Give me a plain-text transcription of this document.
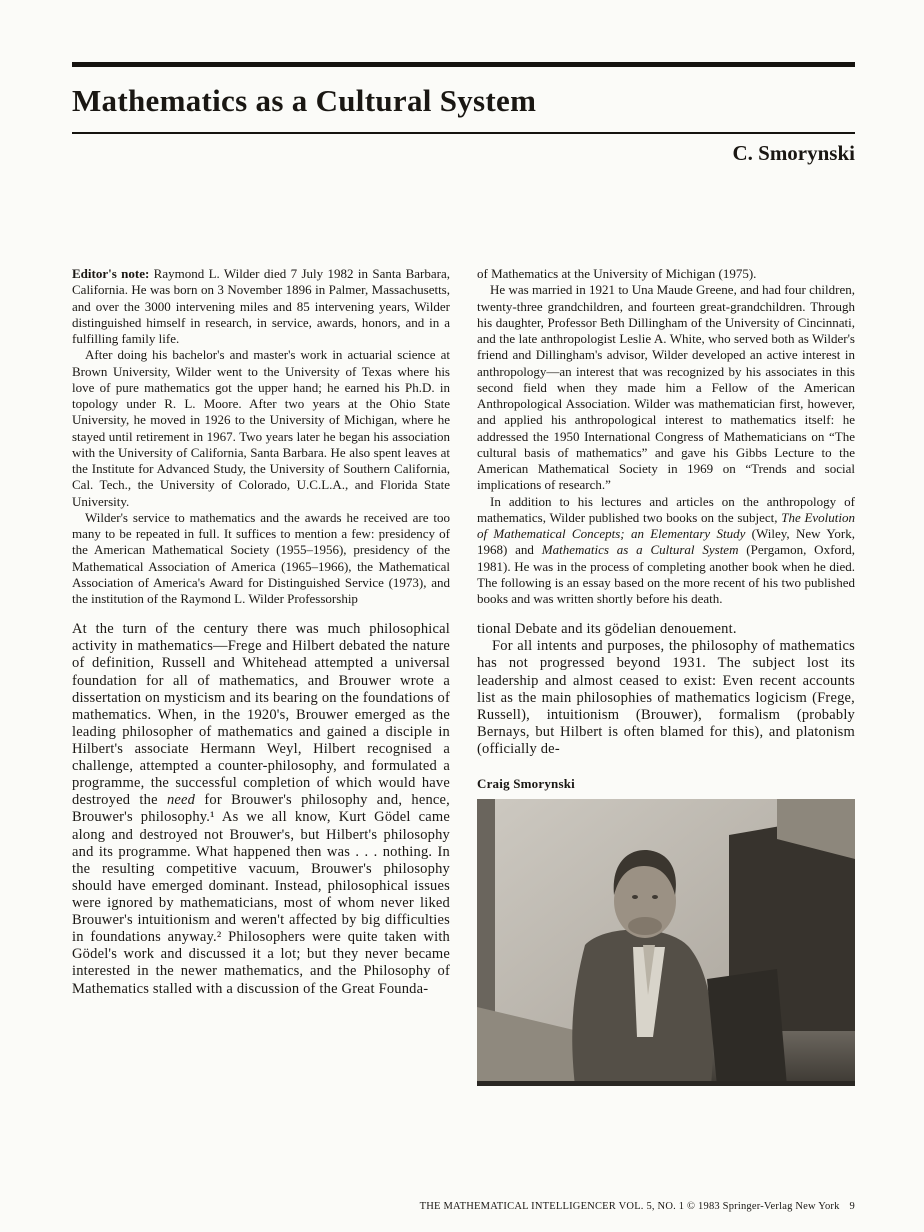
Mathematics as a Cultural System
C. Smorynski

Editor's note: Raymond L. Wilder died 7 July 1982 in Santa Barbara, California. He was born on 3 November 1896 in Palmer, Massachusetts, and over the 3000 intervening miles and 85 intervening years, Wilder distinguished himself in research, in service, awards, honors, and in a fulfilling family life.

After doing his bachelor's and master's work in actuarial science at Brown University, Wilder went to the University of Texas where his love of pure mathematics got the upper hand; he earned his Ph.D. in topology under R. L. Moore. After two years at the Ohio State University, he moved in 1926 to the University of Michigan, where he stayed until retirement in 1967. Two years later he began his association with the University of California, Santa Barbara. He also spent leaves at the Institute for Advanced Study, the University of Southern California, Cal. Tech., the University of Colorado, U.C.L.A., and Florida State University.

Wilder's service to mathematics and the awards he received are too many to be repeated in full. It suffices to mention a few: presidency of the American Mathematical Society (1955–1956), presidency of the Mathematical Association of America (1965–1966), the Mathematical Association of America's Award for Distinguished Service (1973), and the institution of the Raymond L. Wilder Professorship

of Mathematics at the University of Michigan (1975).

He was married in 1921 to Una Maude Greene, and had four children, twenty-three grandchildren, and fourteen great-grandchildren. Through his daughter, Professor Beth Dillingham of the University of Cincinnati, and the late anthropologist Leslie A. White, who served both as Wilder's friend and Dillingham's advisor, Wilder developed an active interest in anthropology—an interest that was recognized by his associates in this second field when they made him a Fellow of the American Anthropological Association. Wilder was mathematician first, however, and applied his anthropological interest to mathematics itself: he addressed the 1950 International Congress of Mathematicians on “The cultural basis of mathematics” and gave his Gibbs Lecture to the American Mathematical Society in 1969 on “Trends and social implications of research.”

In addition to his lectures and articles on the anthropology of mathematics, Wilder published two books on the subject, The Evolution of Mathematical Concepts; an Elementary Study (Wiley, New York, 1968) and Mathematics as a Cultural System (Pergamon, Oxford, 1981). He was in the process of completing another book when he died. The following is an essay based on the more recent of his two published books and was written shortly before his death.

At the turn of the century there was much philosophical activity in mathematics—Frege and Hilbert debated the nature of definition, Russell and Whitehead attempted a universal foundation for all of mathematics, and Brouwer wrote a dissertation on mysticism and its bearing on the foundations of mathematics. When, in the 1920's, Brouwer emerged as the leading philosopher of mathematics and gained a disciple in Hilbert's associate Hermann Weyl, Hilbert recognised a challenge, attempted a counter-philosophy, and formulated a programme, the successful completion of which would have destroyed the need for Brouwer's philosophy and, hence, Brouwer's philosophy.¹ As we all know, Kurt Gödel came along and destroyed not Brouwer's, but Hilbert's philosophy and its programme. What happened then was . . . nothing. In the resulting competitive vacuum, Brouwer's philosophy should have emerged dominant. Instead, philosophical issues were ignored by mathematicians, most of whom never liked Brouwer's intuitionism and weren't affected by big difficulties in foundations anyway.² Philosophers were quite taken with Gödel's work and discussed it a lot; but they never became interested in the newer mathematics, and the Philosophy of Mathematics stalled with a discussion of the Great Founda-

tional Debate and its gödelian denouement.

For all intents and purposes, the philosophy of mathematics has not progressed beyond 1931. The subject lost its leadership and almost ceased to exist: Even recent accounts list as the main philosophies of mathematics logicism (Frege, Russell), intuitionism (Brouwer), formalism (probably Bernays, but Hilbert is often blamed for this), and platonism (officially de-

Craig Smorynski
THE MATHEMATICAL INTELLIGENCER VOL. 5, NO. 1 © 1983 Springer-Verlag New York 9
